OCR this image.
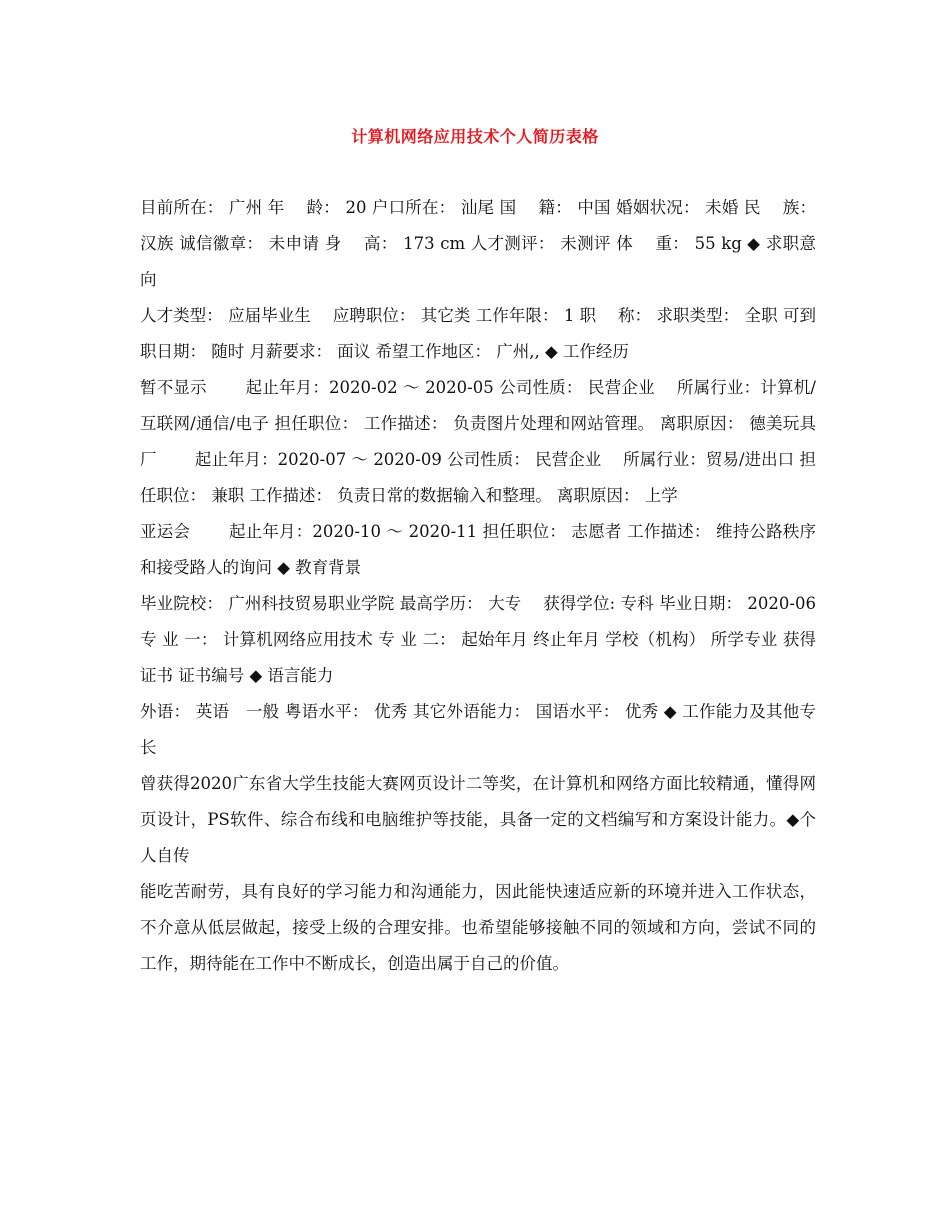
计算机网络应用技术个人简历表格

目前所在： 广州 年　 龄： 20 户口所在： 汕尾 国　 籍： 中国 婚姻状况： 未婚 民　 族： 汉族 诚信徽章： 未申请 身　 高： 173 cm 人才测评： 未测评 体　 重： 55 kg ◆ 求职意向

人才类型： 应届毕业生　 应聘职位： 其它类 工作年限： 1 职　 称： 求职类型： 全职 可到职日期： 随时 月薪要求： 面议 希望工作地区： 广州,, ◆ 工作经历

暂不显示　　 起止年月：2020-02 ～ 2020-05 公司性质： 民营企业　 所属行业：计算机/互联网/通信/电子 担任职位： 工作描述： 负责图片处理和网站管理。 离职原因： 德美玩具厂　　 起止年月：2020-07 ～ 2020-09 公司性质： 民营企业　 所属行业：贸易/进出口 担任职位： 兼职 工作描述： 负责日常的数据输入和整理。 离职原因： 上学

亚运会　　 起止年月：2020-10 ～ 2020-11 担任职位： 志愿者 工作描述： 维持公路秩序和接受路人的询问 ◆ 教育背景

毕业院校： 广州科技贸易职业学院 最高学历： 大专　 获得学位: 专科 毕业日期： 2020-06 专 业 一： 计算机网络应用技术 专 业 二： 起始年月 终止年月 学校（机构） 所学专业 获得证书 证书编号 ◆ 语言能力

外语： 英语　一般 粤语水平： 优秀 其它外语能力： 国语水平： 优秀 ◆ 工作能力及其他专长

曾获得2020广东省大学生技能大赛网页设计二等奖，在计算机和网络方面比较精通，懂得网页设计，PS软件、综合布线和电脑维护等技能，具备一定的文档编写和方案设计能力。◆个人自传

能吃苦耐劳，具有良好的学习能力和沟通能力，因此能快速适应新的环境并进入工作状态，不介意从低层做起，接受上级的合理安排。也希望能够接触不同的领域和方向，尝试不同的工作，期待能在工作中不断成长，创造出属于自己的价值。
